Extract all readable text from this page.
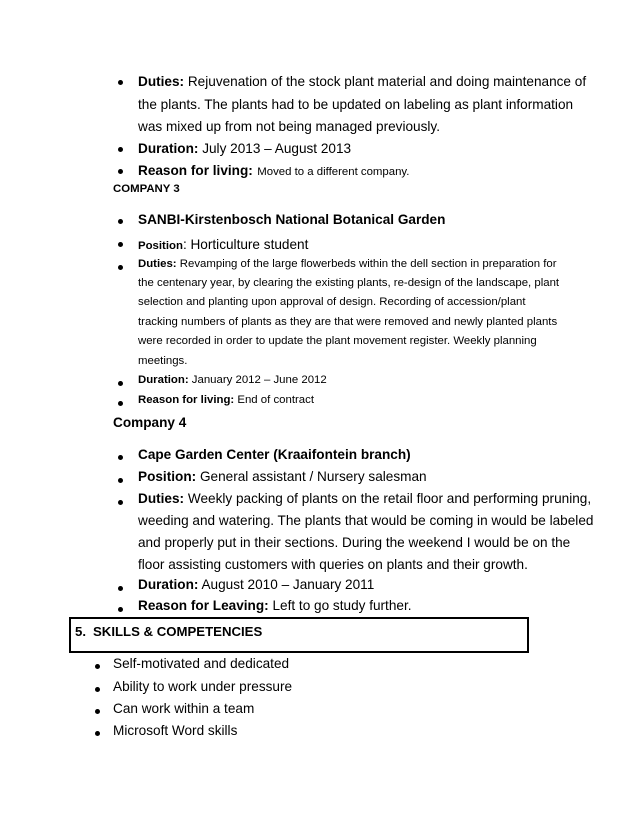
Duties: Rejuvenation of the stock plant material and doing maintenance of
the plants. The plants had to be updated on labeling as plant information
was mixed up from not being managed previously.
Duration: July 2013 – August 2013
Reason for living: Moved to a different company.
COMPANY 3
SANBI-Kirstenbosch National Botanical Garden
Position: Horticulture student
Duties: Revamping of the large flowerbeds within the dell section in preparation for
the centenary year, by clearing the existing plants, re-design of the landscape, plant
selection and planting upon approval of design. Recording of accession/plant
tracking numbers of plants as they are that were removed and newly planted plants
were recorded in order to update the plant movement register. Weekly planning
meetings.
Duration: January 2012 – June 2012
Reason for living: End of contract
Company 4
Cape Garden Center (Kraaifontein branch)
Position: General assistant / Nursery salesman
Duties: Weekly packing of plants on the retail floor and performing pruning,
weeding and watering. The plants that would be coming in would be labeled
and properly put in their sections. During the weekend I would be on the
floor assisting customers with queries on plants and their growth.
Duration: August 2010 – January 2011
Reason for Leaving: Left to go study further.
5. SKILLS & COMPETENCIES
Self-motivated and dedicated
Ability to work under pressure
Can work within a team
Microsoft Word skills
